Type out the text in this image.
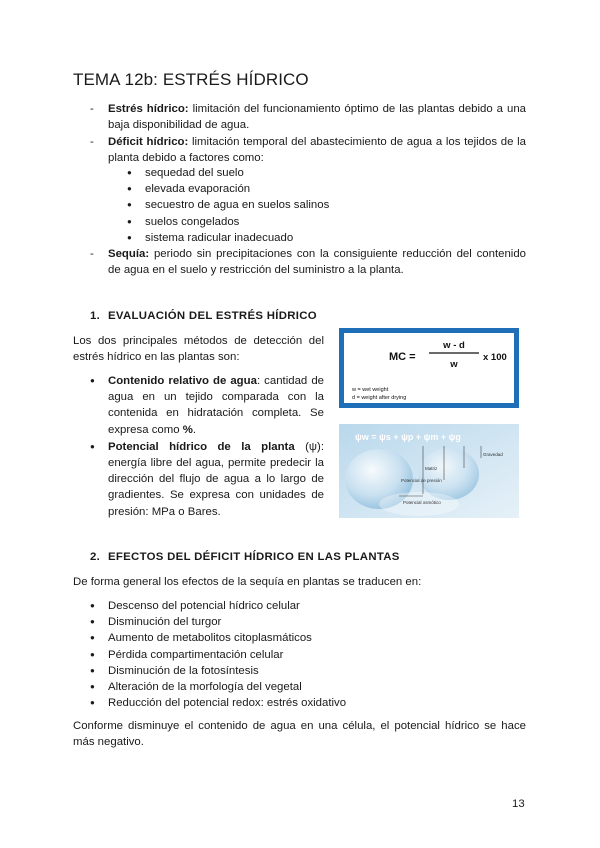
TEMA 12b: ESTRÉS HÍDRICO
- Estrés hídrico: limitación del funcionamiento óptimo de las plantas debido a una baja disponibilidad de agua.
- Déficit hídrico: limitación temporal del abastecimiento de agua a los tejidos de la planta debido a factores como:
● sequedad del suelo
● elevada evaporación
● secuestro de agua en suelos salinos
● suelos congelados
● sistema radicular inadecuado
- Sequía: periodo sin precipitaciones con la consiguiente reducción del contenido de agua en el suelo y restricción del suministro a la planta.
1. EVALUACIÓN DEL ESTRÉS HÍDRICO
Los dos principales métodos de detección del estrés hídrico en las plantas son:
● Contenido relativo de agua: cantidad de agua en un tejido comparada con la contenida en hidratación completa. Se expresa como %.
● Potencial hídrico de la planta (ψ): energía libre del agua, permite predecir la dirección del flujo de agua a lo largo de gradientes. Se expresa con unidades de presión: MPa o Bares.
MC =
w - d
w
x 100
w = wet weight
d = weight after drying
ψw = ψs + ψp + ψm + ψg
Gravedad
Matriz
Potencial de presión
Potencial osmótico
2. EFECTOS DEL DÉFICIT HÍDRICO EN LAS PLANTAS
De forma general los efectos de la sequía en plantas se traducen en:
● Descenso del potencial hídrico celular
● Disminución del turgor
● Aumento de metabolitos citoplasmáticos
● Pérdida compartimentación celular
● Disminución de la fotosíntesis
● Alteración de la morfología del vegetal
● Reducción del potencial redox: estrés oxidativo
Conforme disminuye el contenido de agua en una célula, el potencial hídrico se hace más negativo.
13
